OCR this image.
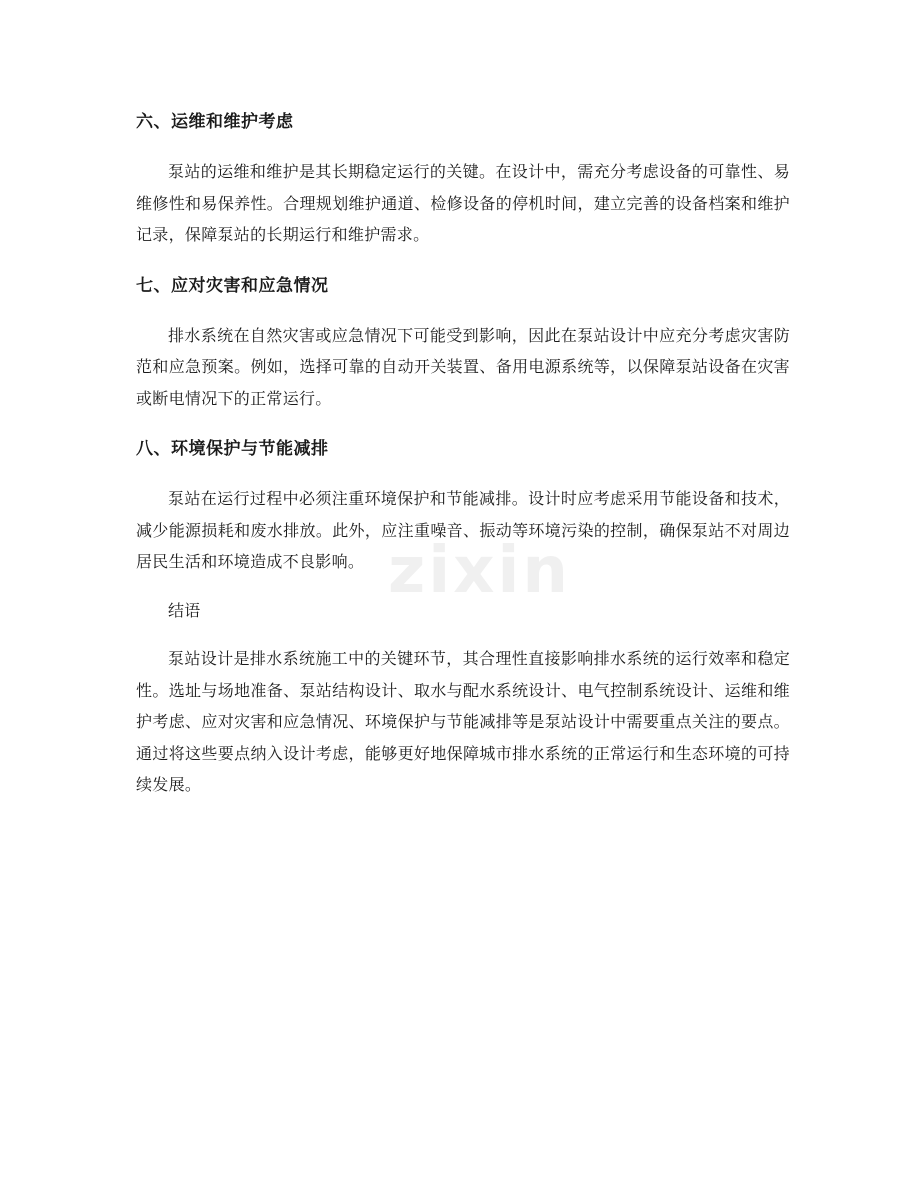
zixin
六、运维和维护考虑

泵站的运维和维护是其长期稳定运行的关键。在设计中，需充分考虑设备的可靠性、易维修性和易保养性。合理规划维护通道、检修设备的停机时间，建立完善的设备档案和维护记录，保障泵站的长期运行和维护需求。

七、应对灾害和应急情况

排水系统在自然灾害或应急情况下可能受到影响，因此在泵站设计中应充分考虑灾害防范和应急预案。例如，选择可靠的自动开关装置、备用电源系统等，以保障泵站设备在灾害或断电情况下的正常运行。

八、环境保护与节能减排

泵站在运行过程中必须注重环境保护和节能减排。设计时应考虑采用节能设备和技术，减少能源损耗和废水排放。此外，应注重噪音、振动等环境污染的控制，确保泵站不对周边居民生活和环境造成不良影响。

结语

泵站设计是排水系统施工中的关键环节，其合理性直接影响排水系统的运行效率和稳定性。选址与场地准备、泵站结构设计、取水与配水系统设计、电气控制系统设计、运维和维护考虑、应对灾害和应急情况、环境保护与节能减排等是泵站设计中需要重点关注的要点。通过将这些要点纳入设计考虑，能够更好地保障城市排水系统的正常运行和生态环境的可持续发展。
